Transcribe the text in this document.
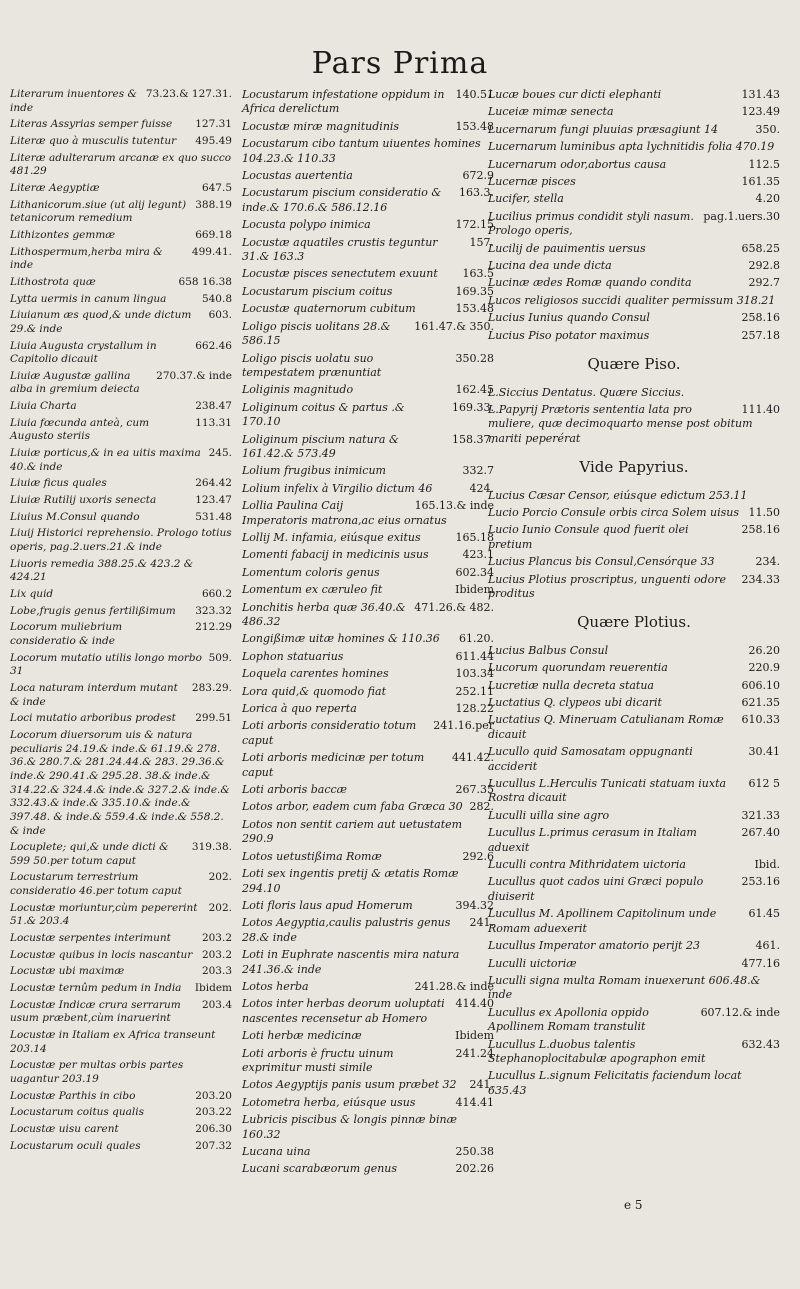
Pars Prima
73.23.& 127.31.
Literarum inuentores & inde
127.31
Literas Assyrias semper fuisse
495.49
Literæ quo à musculis tutentur
Literæ adulterarum arcanæ ex quo succo 481.29
647.5
Literæ Aegyptiæ
388.19
Lithanicorum.siue (ut alij legunt) tetanicorum remedium
669.18
Lithizontes gemmæ
499.41.
Lithospermum,herba mira & inde
658 16.38
Lithostrota quæ
540.8
Lytta uermis in canum lingua
603.
Liuianum æs quod,& unde dictum 29.& inde
662.46
Liuia Augusta crystallum in Capitolio dicauit
270.37.& inde
Liuiæ Augustæ gallina alba in gremium deiecta
238.47
Liuia Charta
113.31
Liuia fœcunda anteà, cum Augusto steriis
245.
Liuiæ porticus,& in ea uitis maxima 40.& inde
264.42
Liuiæ ficus quales
123.47
Liuiæ Rutilij uxoris senecta
531.48
Liuius M.Consul quando
Liuij Historici reprehensio. Prologo totius operis, pag.2.uers.21.& inde
Liuoris remedia 388.25.& 423.2 & 424.21
660.2
Lix quid
323.32
Lobe,frugis genus fertilißimum
212.29
Locorum muliebrium consideratio & inde
509.
Locorum mutatio utilis longo morbo 31
283.29.
Loca naturam interdum mutant & inde
299.51
Loci mutatio arboribus prodest
Locorum diuersorum uis & natura peculiaris 24.19.& inde.& 61.19.& 278. 36.& 280.7.& 281.24.44.& 283. 29.36.& inde.& 290.41.& 295.28. 38.& inde.& 314.22.& 324.4.& inde.& 327.2.& inde.& 332.43.& inde.& 335.10.& inde.& 397.48. & inde.& 559.4.& inde.& 558.2. & inde
319.38.
Locuplete; qui,& unde dicti & 599 50.per totum caput
202.
Locustarum terrestrium consideratio 46.per totum caput
202.
Locustæ moriuntur,cùm pepererint 51.& 203.4
203.2
Locustæ serpentes interimunt
203.2
Locustæ quibus in locis nascantur
203.3
Locustæ ubi maximæ
Ibidem
Locustæ ternûm pedum in India
203.4
Locustæ Indicæ crura serrarum usum præbent,cùm inaruerint
Locustæ in Italiam ex Africa transeunt 203.14
Locustæ per multas orbis partes uagantur 203.19
203.20
Locustæ Parthis in cibo
203.22
Locustarum coitus qualis
206.30
Locustæ uisu carent
207.32
Locustarum oculi quales
140.51
Locustarum infestatione oppidum in Africa derelictum
153.48
Locustæ miræ magnitudinis
Locustarum cibo tantum uiuentes homines 104.23.& 110.33
672.9
Locustas auertentia
163.3.
Locustarum piscium consideratio & inde.& 170.6.& 586.12.16
172.15
Locusta polypo inimica
157.
Locustæ aquatiles crustis teguntur 31.& 163.3
163.5
Locustæ pisces senectutem exuunt
169.35
Locustarum piscium coitus
153.48
Locustæ quaternorum cubitum
161.47.& 350.
Loligo piscis uolitans 28.& 586.15
350.28
Loligo piscis uolatu suo tempestatem prænuntiat
162.45
Loliginis magnitudo
169.33.
Loliginum coitus & partus .& 170.10
158.37.
Loliginum piscium natura & 161.42.& 573.49
332.7
Lolium frugibus inimicum
424.
Lolium infelix à Virgilio dictum 46
165.13.& inde
Lollia Paulina Caij Imperatoris matrona,ac eius ornatus
165.18
Lollij M. infamia, eiúsque exitus
423.1
Lomenti fabacij in medicinis usus
602.34
Lomentum coloris genus
Ibidem
Lomentum ex cæruleo fit
471.26.& 482.
Lonchitis herba quæ 36.40.& 486.32
61.20.
Longißimæ uitæ homines & 110.36
611.44
Lophon statuarius
103.34
Loquela carentes homines
252.11
Lora quid,& quomodo fiat
128.22
Lorica à quo reperta
241.16.per
Loti arboris consideratio totum caput
441.42.
Loti arboris medicinæ per totum caput
267.35
Loti arboris baccæ
282.
Lotos arbor, eadem cum faba Græca 30
Lotos non sentit cariem aut uetustatem 290.9
292.6
Lotos uetustißima Romæ
Loti sex ingentis pretij & ætatis Romæ 294.10
394.32
Loti floris laus apud Homerum
241.
Lotos Aegyptia,caulis palustris genus 28.& inde
Loti in Euphrate nascentis mira natura 241.36.& inde
241.28.& inde
Lotos herba
414.40
Lotos inter herbas deorum uoluptati nascentes recensetur ab Homero
Ibidem
Loti herbæ medicinæ
241.24
Loti arboris è fructu uinum exprimitur musti simile
241.
Lotos Aegyptijs panis usum præbet 32
414.41
Lotometra herba, eiúsque usus
Lubricis piscibus & longis pinnæ binæ 160.32
250.38
Lucana uina
202.26
Lucani scarabæorum genus
131.43
Lucæ boues cur dicti elephanti
123.49
Luceiæ mimæ senecta
350.
Lucernarum fungi pluuias præsagiunt 14
Lucernarum luminibus apta lychnitidis folia 470.19
112.5
Lucernarum odor,abortus causa
161.35
Lucernæ pisces
4.20
Lucifer, stella
pag.1.uers.30
Lucilius primus condidit styli nasum. Prologo operis,
658.25
Lucilij de pauimentis uersus
292.8
Lucina dea unde dicta
292.7
Lucinæ ædes Romæ quando condita
Lucos religiosos succidi qualiter permissum 318.21
258.16
Lucius Iunius quando Consul
257.18
Lucius Piso potator maximus
Quære Piso.
L.Siccius Dentatus. Quære Siccius.
111.40
L.Papyrij Prætoris sententia lata pro muliere, quæ decimoquarto mense post obitum mariti peperérat
Vide Papyrius.
Lucius Cæsar Censor, eiúsque edictum 253.11
11.50
Lucio Porcio Consule orbis circa Solem uisus
258.16
Lucio Iunio Consule quod fuerit olei pretium
234.
Lucius Plancus bis Consul,Censórque 33
234.33
Lucius Plotius proscriptus, unguenti odore proditus
Quære Plotius.
26.20
Lucius Balbus Consul
220.9
Lucorum quorundam reuerentia
606.10
Lucretiæ nulla decreta statua
621.35
Luctatius Q. clypeos ubi dicarit
610.33
Luctatius Q. Mineruam Catulianam Romæ dicauit
30.41
Lucullo quid Samosatam oppugnanti acciderit
612 5
Lucullus L.Herculis Tunicati statuam iuxta Rostra dicauit
321.33
Luculli uilla sine agro
267.40
Lucullus L.primus cerasum in Italiam aduexit
Ibid.
Luculli contra Mithridatem uictoria
253.16
Lucullus quot cados uini Græci populo diuiserit
61.45
Lucullus M. Apollinem Capitolinum unde Romam aduexerit
461.
Lucullus Imperator amatorio perijt 23
477.16
Luculli uictoriæ
Luculli signa multa Romam inuexerunt 606.48.& inde
607.12.& inde
Lucullus ex Apollonia oppido Apollinem Romam transtulit
632.43
Lucullus L.duobus talentis Stephanoplocitabulæ apographon emit
Lucullus L.signum Felicitatis faciendum locat 635.43
e 5
